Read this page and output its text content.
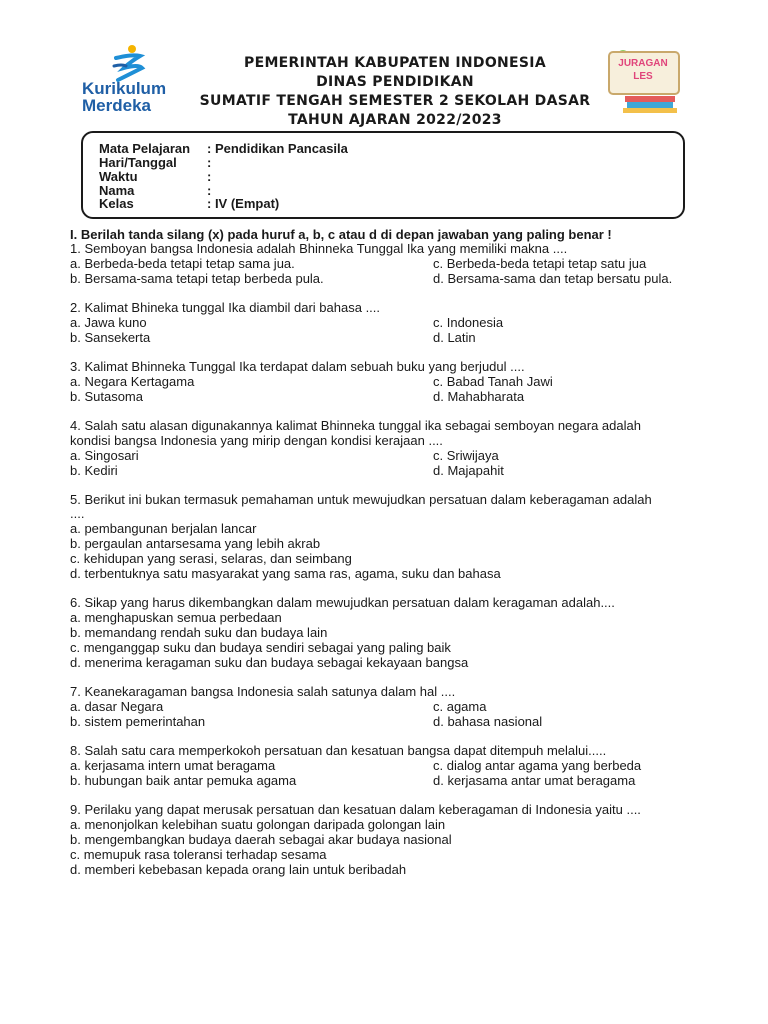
Kurikulum
Merdeka
PEMERINTAH KABUPATEN INDONESIA
DINAS PENDIDIKAN
SUMATIF TENGAH SEMESTER 2 SEKOLAH DASAR
TAHUN AJARAN 2022/2023
JURAGAN
LES
Mata Pelajaran : Pendidikan Pancasila
Hari/Tanggal :
Waktu	:
Nama	:
Kelas	: IV (Empat)
I. Berilah tanda silang (x) pada huruf a, b, c atau d di depan jawaban yang paling benar !
1. Semboyan bangsa Indonesia adalah Bhinneka Tunggal Ika yang memiliki makna ....
a. Berbeda-beda tetapi tetap sama jua.	c. Berbeda-beda tetapi tetap satu jua
b. Bersama-sama tetapi tetap berbeda pula.	d. Bersama-sama dan tetap bersatu pula.
2. Kalimat Bhineka tunggal Ika diambil dari bahasa ....
a. Jawa kuno	c. Indonesia
b. Sansekerta	d. Latin
3. Kalimat Bhinneka Tunggal Ika terdapat dalam sebuah buku yang berjudul ....
a. Negara Kertagama	c. Babad Tanah Jawi
b. Sutasoma	d. Mahabharata
4. Salah satu alasan digunakannya kalimat Bhinneka tunggal ika sebagai semboyan negara adalah
kondisi bangsa Indonesia yang mirip dengan kondisi kerajaan ....
a. Singosari	c. Sriwijaya
b. Kediri	d. Majapahit
5. Berikut ini bukan termasuk pemahaman untuk mewujudkan persatuan dalam keberagaman adalah
....
a. pembangunan berjalan lancar
b. pergaulan antarsesama yang lebih akrab
c. kehidupan yang serasi, selaras, dan seimbang
d. terbentuknya satu masyarakat yang sama ras, agama, suku dan bahasa
6. Sikap yang harus dikembangkan dalam mewujudkan persatuan dalam keragaman adalah....
a. menghapuskan semua perbedaan
b. memandang rendah suku dan budaya lain
c. menganggap suku dan budaya sendiri sebagai yang paling baik
d. menerima keragaman suku dan budaya sebagai kekayaan bangsa
7. Keanekaragaman bangsa Indonesia salah satunya dalam hal ....
a. dasar Negara	c. agama
b. sistem pemerintahan	d. bahasa nasional
8. Salah satu cara memperkokoh persatuan dan kesatuan bangsa dapat ditempuh melalui.....
a. kerjasama intern umat beragama	c. dialog antar agama yang berbeda
b. hubungan baik antar pemuka agama	d. kerjasama antar umat beragama
9. Perilaku yang dapat merusak persatuan dan kesatuan dalam keberagaman di Indonesia yaitu ....
a. menonjolkan kelebihan suatu golongan daripada golongan lain
b. mengembangkan budaya daerah sebagai akar budaya nasional
c. memupuk rasa toleransi terhadap sesama
d. memberi kebebasan kepada orang lain untuk beribadah
